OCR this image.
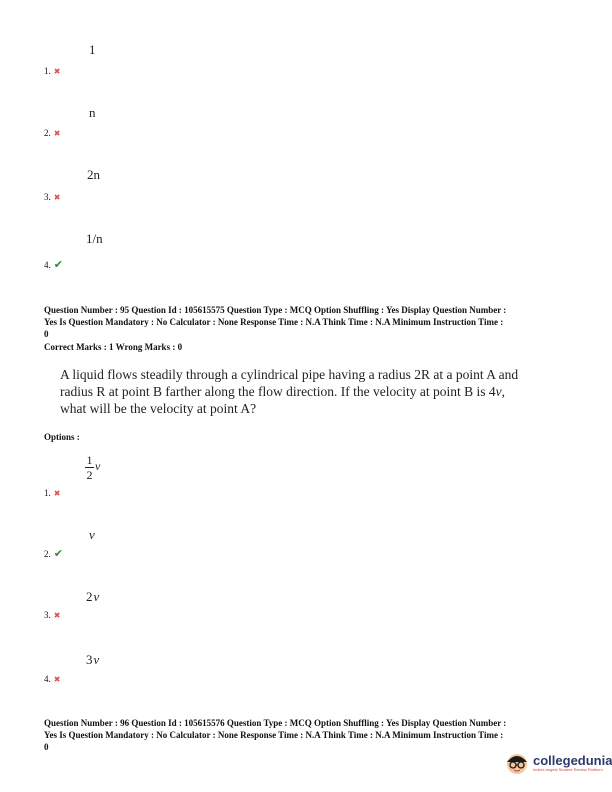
1
1. ✖
n
2. ✖
2n
3. ✖
1/n
4. ✔
Question Number : 95 Question Id : 105615575 Question Type : MCQ Option Shuffling : Yes Display Question Number :
Yes Is Question Mandatory : No Calculator : None Response Time : N.A Think Time : N.A Minimum Instruction Time :
0
Correct Marks : 1 Wrong Marks : 0
A liquid flows steadily through a cylindrical pipe having a radius 2R at a point A and
radius R at point B farther along the flow direction. If the velocity at point B is 4v,
what will be the velocity at point A?
Options :
$\frac{1}{2}$ v
1. ✖
v
2. ✔
2v
3. ✖
3v
4. ✖
Question Number : 96 Question Id : 105615576 Question Type : MCQ Option Shuffling : Yes Display Question Number :
Yes Is Question Mandatory : No Calculator : None Response Time : N.A Think Time : N.A Minimum Instruction Time :
0
collegedunia
India's largest Student Review Platform
